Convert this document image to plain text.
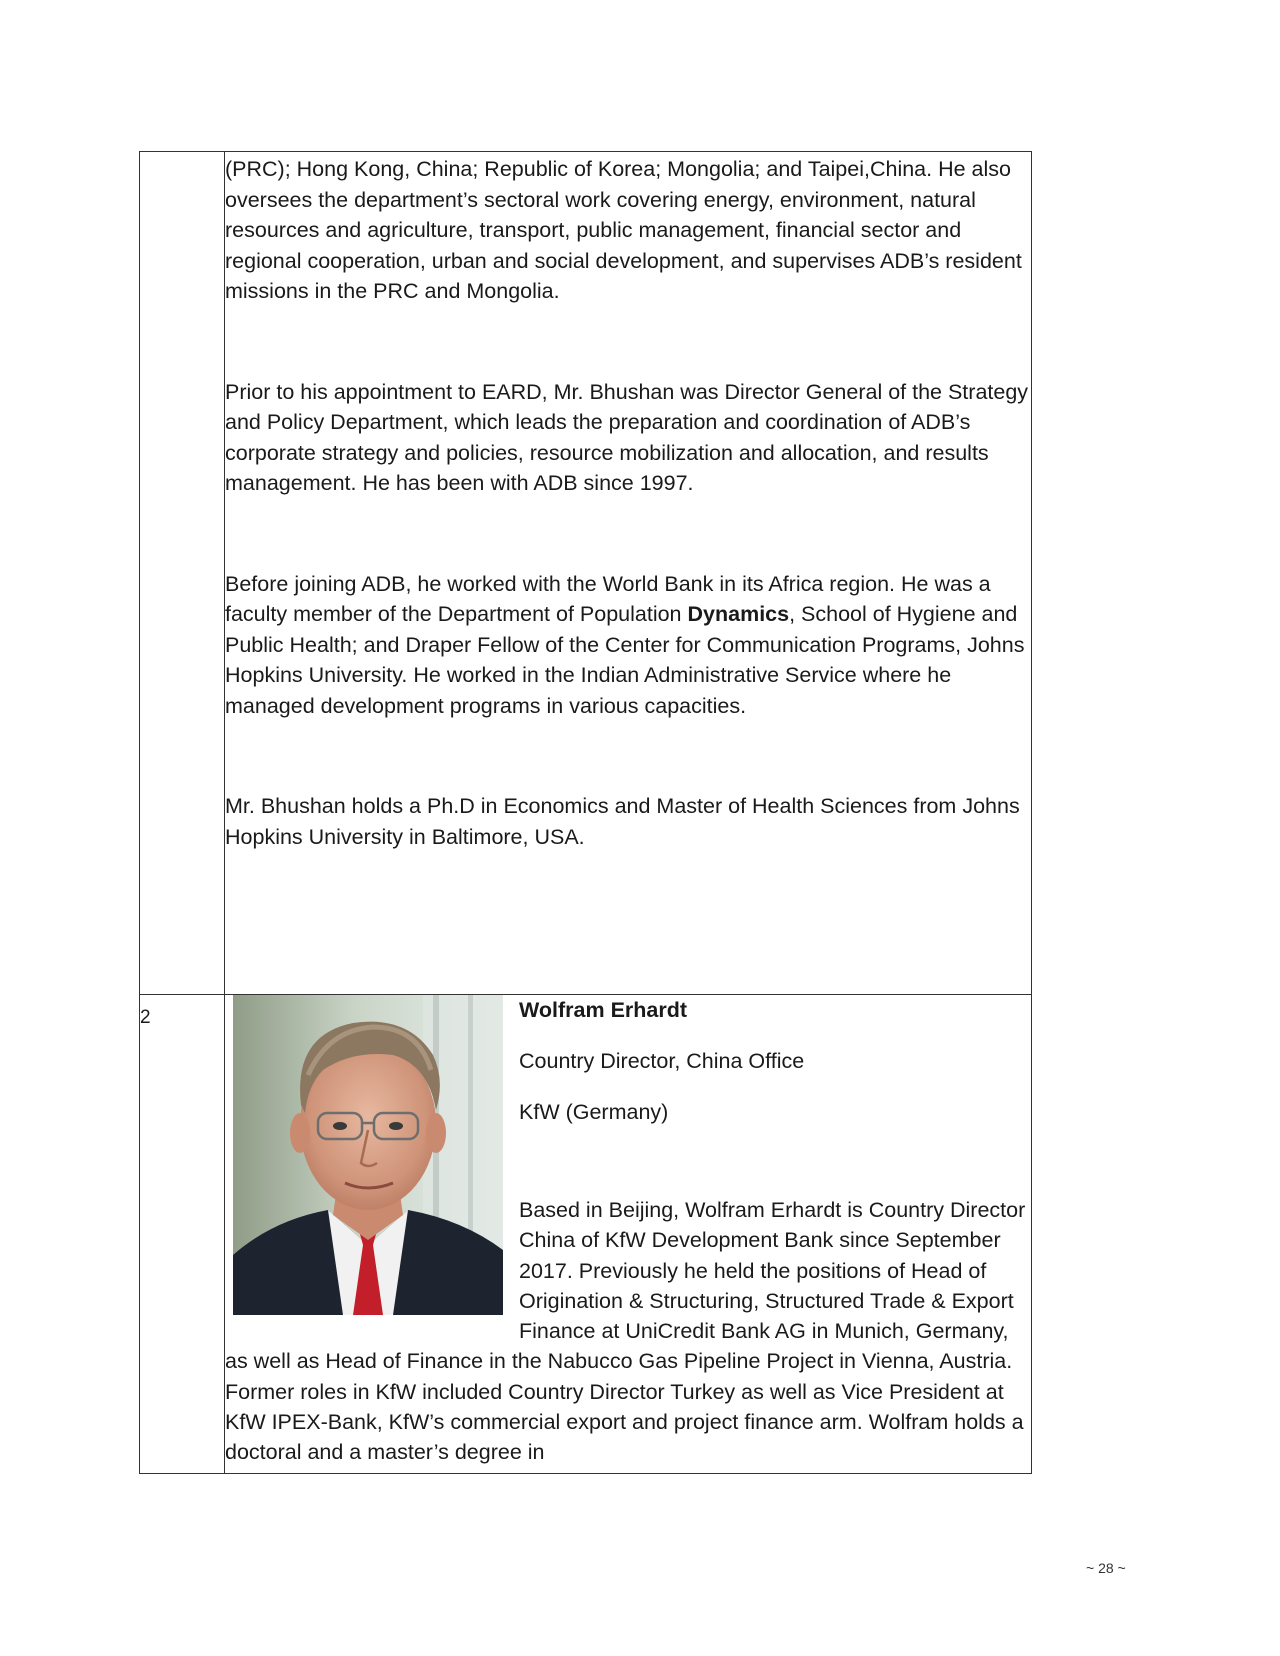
	(PRC); Hong Kong, China; Republic of Korea; Mongolia; and Taipei,China. He also oversees the department’s sectoral work covering energy, environment, natural resources and agriculture, transport, public management, financial sector and regional cooperation, urban and social development, and supervises ADB’s resident missions in the PRC and Mongolia.

Prior to his appointment to EARD, Mr. Bhushan was Director General of the Strategy and Policy Department, which leads the preparation and coordination of ADB’s corporate strategy and policies, resource mobilization and allocation, and results management. He has been with ADB since 1997.

Before joining ADB, he worked with the World Bank in its Africa region. He was a faculty member of the Department of Population Dynamics, School of Hygiene and Public Health; and Draper Fellow of the Center for Communication Programs, Johns Hopkins University. He worked in the Indian Administrative Service where he managed development programs in various capacities.

Mr. Bhushan holds a Ph.D in Economics and Master of Health Sciences from Johns Hopkins University in Baltimore, USA.

2	Wolfram Erhardt

Country Director, China Office

KfW (Germany)

Based in Beijing, Wolfram Erhardt is Country Director China of KfW Development Bank since September 2017. Previously he held the positions of Head of Origination & Structuring, Structured Trade & Export Finance at UniCredit Bank AG in Munich, Germany, as well as Head of Finance in the Nabucco Gas Pipeline Project in Vienna, Austria. Former roles in KfW included Country Director Turkey as well as Vice President at KfW IPEX-Bank, KfW’s commercial export and project finance arm. Wolfram holds a doctoral and a master’s degree in

~ 28 ~
